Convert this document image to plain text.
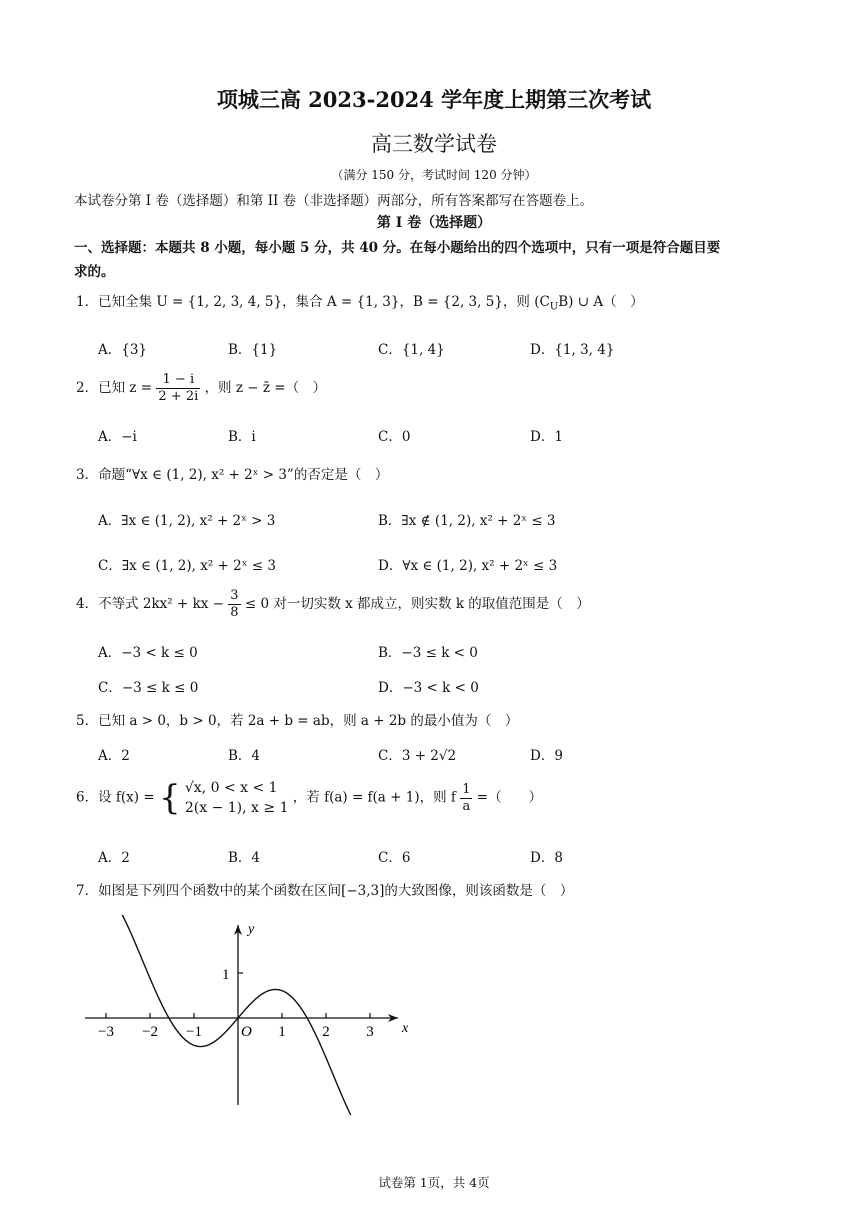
项城三高 2023-2024 学年度上期第三次考试
高三数学试卷
（满分 150 分，考试时间 120 分钟）
本试卷分第 I 卷（选择题）和第 II 卷（非选择题）两部分，所有答案都写在答题卷上。
第 I 卷（选择题）
一、选择题：本题共 8 小题，每小题 5 分，共 40 分。在每小题给出的四个选项中，只有一项是符合题目要
求的。
1．已知全集 U = {1, 2, 3, 4, 5}，集合 A = {1, 3}，B = {2, 3, 5}，则 $(C_UB)$ ∪ A（　）
A．{3}	B．{1}	C．{1, 4}	D．{1, 3, 4}
2．已知 $z = \frac{1 - i}{2 + 2i}$ ，则 z − z̄ =（　）
A．−i	B．i	C．0	D．1
3．命题“∀x ∈ (1, 2), x² + 2ˣ > 3”的否定是（　）
A．∃x ∈ (1, 2), x² + 2ˣ > 3	B．∃x ∉ (1, 2), x² + 2ˣ ≤ 3
C．∃x ∈ (1, 2), x² + 2ˣ ≤ 3	D．∀x ∈ (1, 2), x² + 2ˣ ≤ 3
4．不等式 2kx² + kx − $\frac{3}{8} \le 0$ 对一切实数 x 都成立，则实数 k 的取值范围是（　）
A．−3 < k ≤ 0	B．−3 ≤ k < 0
C．−3 ≤ k ≤ 0	D．−3 < k < 0
5．已知 a > 0，b > 0，若 2a + b = ab，则 a + 2b 的最小值为（　）
A．2	B．4	C．3 + 2√2	D．9
6．设 f(x) = { √x, 0 < x < 1
2(x − 1), x ≥ 1
，若 f(a) = f(a + 1)，则 f $\frac{1}{a}$ =（　　）
A．2	B．4	C．6	D．8
7．如图是下列四个函数中的某个函数在区间[−3,3]的大致图像，则该函数是（　）
y
x
O
1
−3 −2 −1	1 2 3
试卷第 1页，共 4页
